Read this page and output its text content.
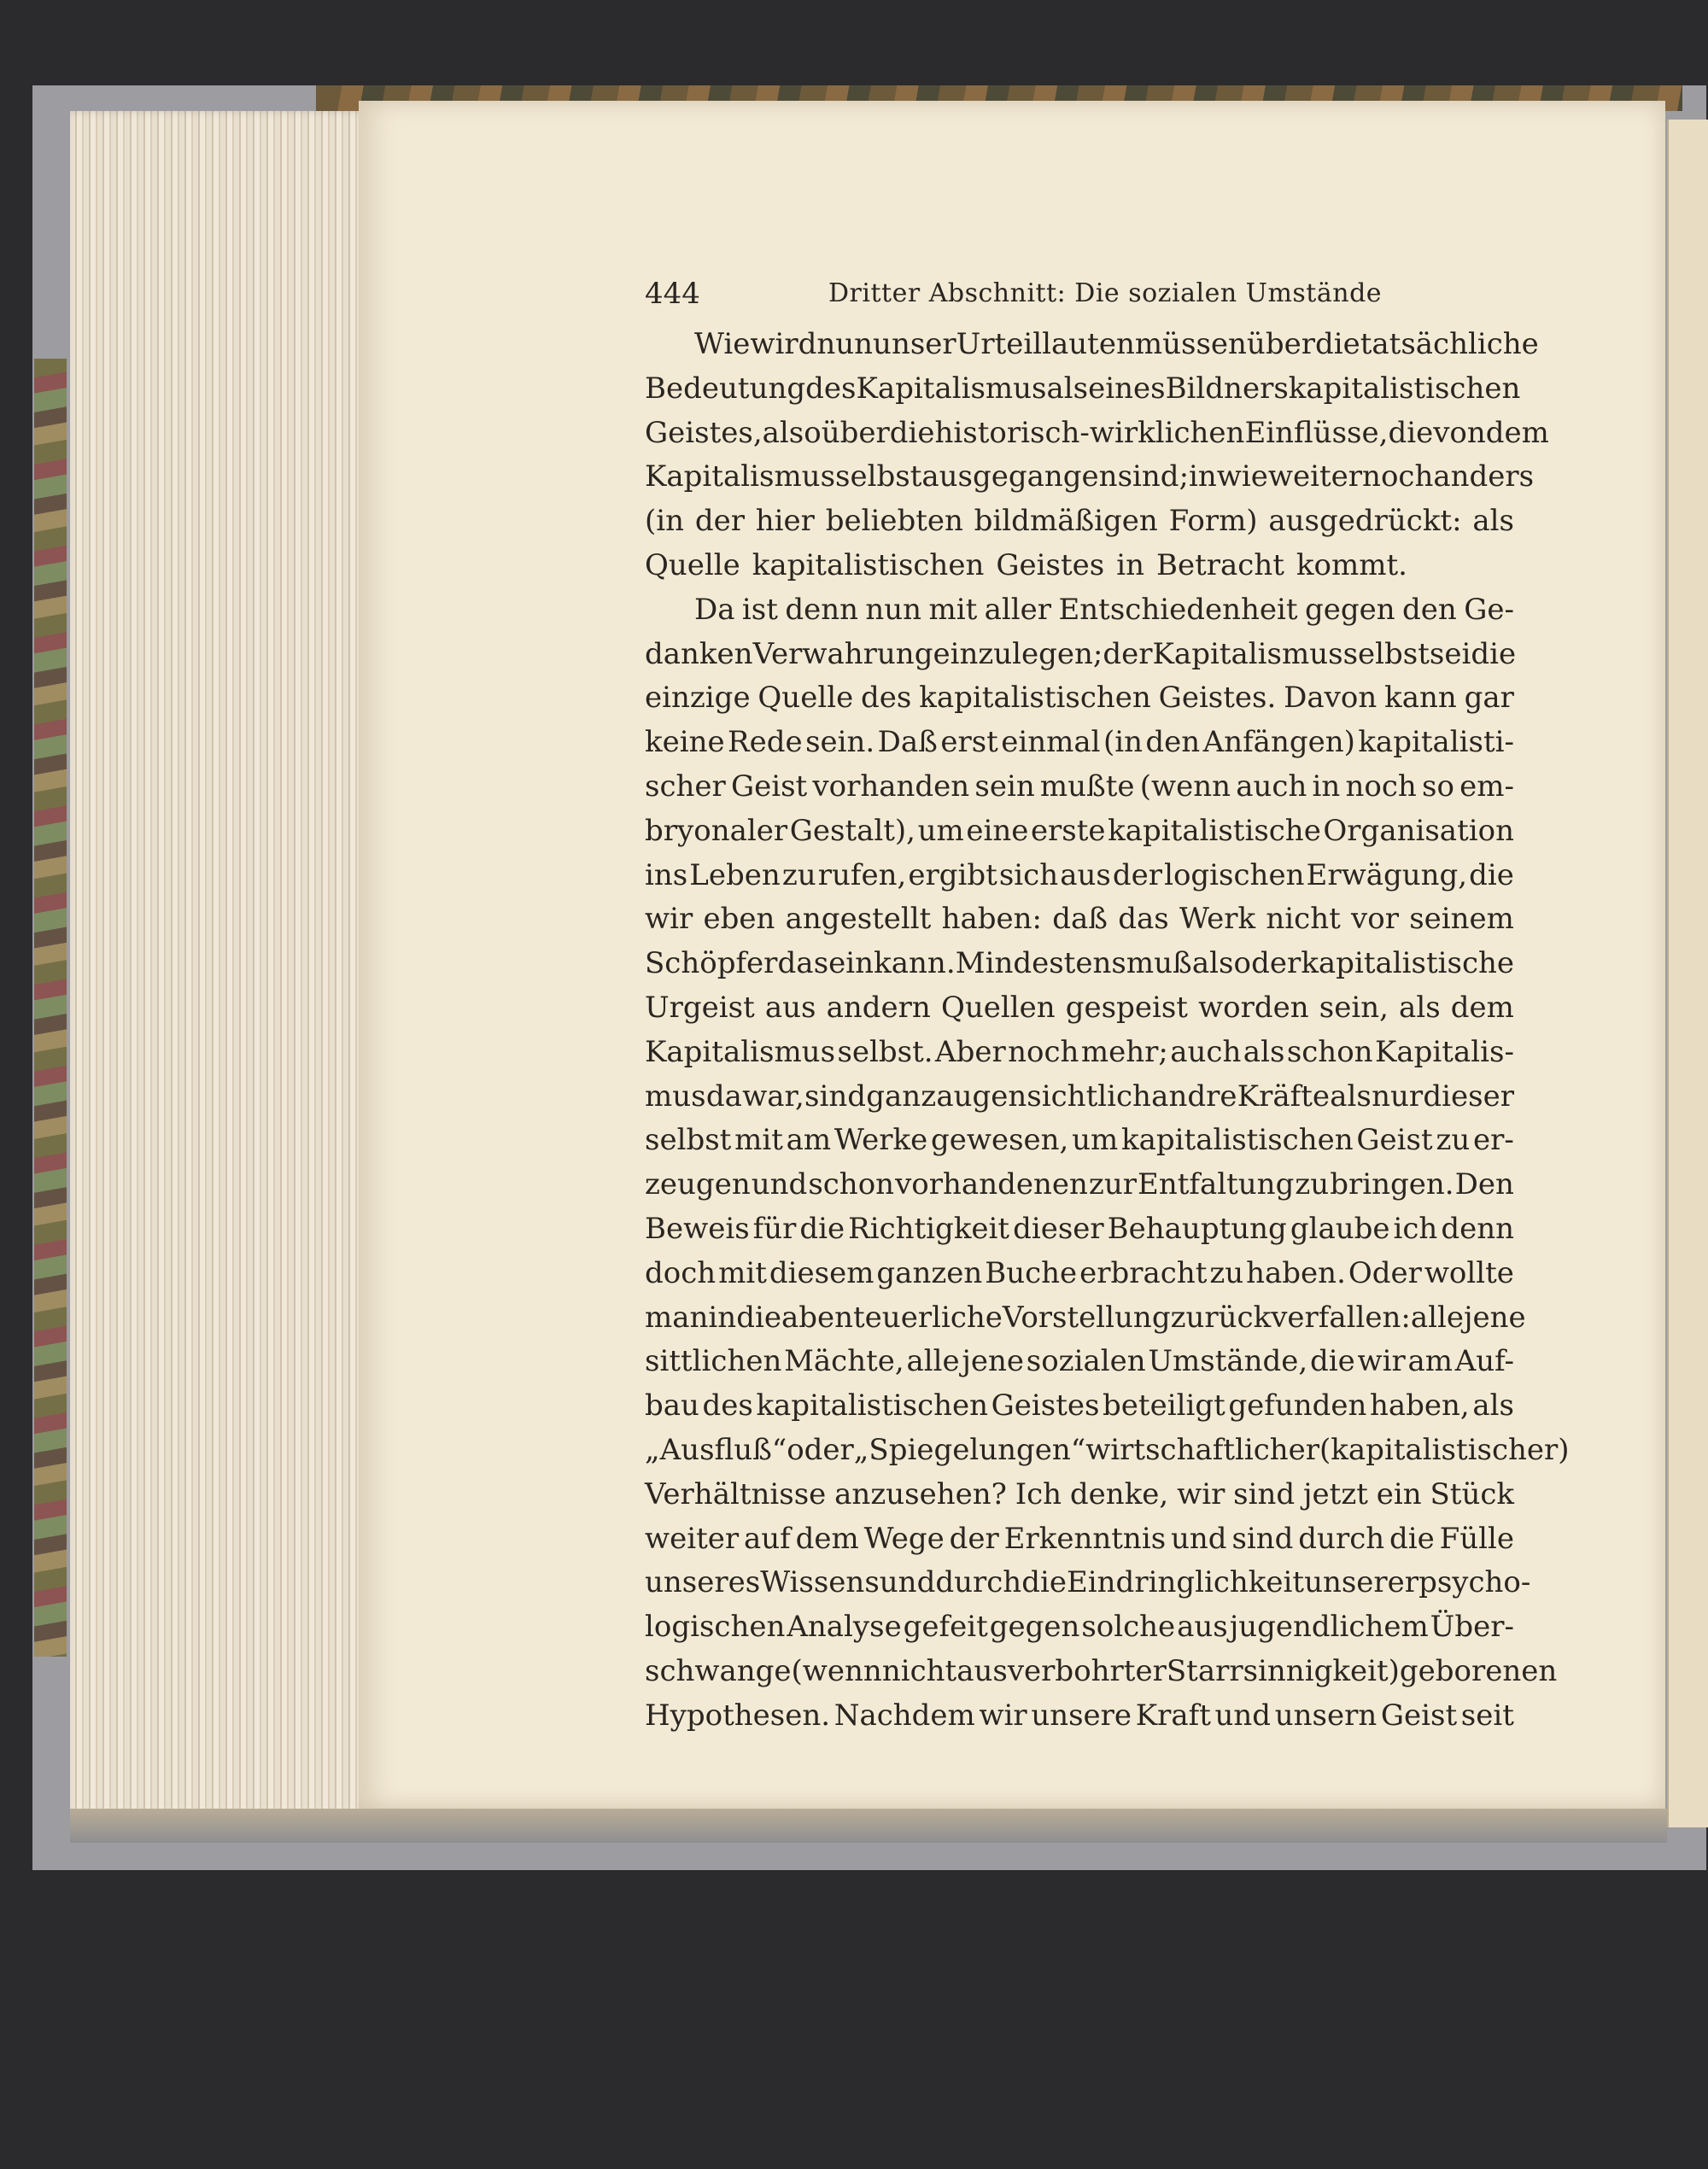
444	Dritter Abschnitt: Die sozialen Umstände
Wie wird nun unser Urteil lauten müssen über die tatsächliche
Bedeutung des Kapitalismus als eines Bildners kapitalistischen
Geistes, also über die historisch-wirklichen Einflüsse, die von dem
Kapitalismus selbst ausgegangen sind; inwieweit er noch anders
(in der hier beliebten bildmäßigen Form) ausgedrückt: als
Quelle kapitalistischen Geistes in Betracht kommt.
Da ist denn nun mit aller Entschiedenheit gegen den Ge-
danken Verwahrung einzulegen; der Kapitalismus selbst sei die
einzige Quelle des kapitalistischen Geistes. Davon kann gar
keine Rede sein. Daß erst einmal (in den Anfängen) kapitalisti-
scher Geist vorhanden sein mußte (wenn auch in noch so em-
bryonaler Gestalt), um eine erste kapitalistische Organisation
ins Leben zu rufen, ergibt sich aus der logischen Erwägung, die
wir eben angestellt haben: daß das Werk nicht vor seinem
Schöpfer da sein kann. Mindestens muß also der kapitalistische
Urgeist aus andern Quellen gespeist worden sein, als dem
Kapitalismus selbst. Aber noch mehr; auch als schon Kapitalis-
mus da war, sind ganz augensichtlich andre Kräfte als nur dieser
selbst mit am Werke gewesen, um kapitalistischen Geist zu er-
zeugen und schon vorhandenen zur Entfaltung zu bringen. Den
Beweis für die Richtigkeit dieser Behauptung glaube ich denn
doch mit diesem ganzen Buche erbracht zu haben. Oder wollte
man in die abenteuerliche Vorstellung zurückverfallen: alle jene
sittlichen Mächte, alle jene sozialen Umstände, die wir am Auf-
bau des kapitalistischen Geistes beteiligt gefunden haben, als
„Ausfluß“ oder „Spiegelungen“ wirtschaftlicher (kapitalistischer)
Verhältnisse anzusehen? Ich denke, wir sind jetzt ein Stück
weiter auf dem Wege der Erkenntnis und sind durch die Fülle
unseres Wissens und durch die Eindringlichkeit unserer psycho-
logischen Analyse gefeit gegen solche aus jugendlichem Über-
schwange (wenn nicht aus verbohrter Starrsinnigkeit) geborenen
Hypothesen. Nachdem wir unsere Kraft und unsern Geist seit
